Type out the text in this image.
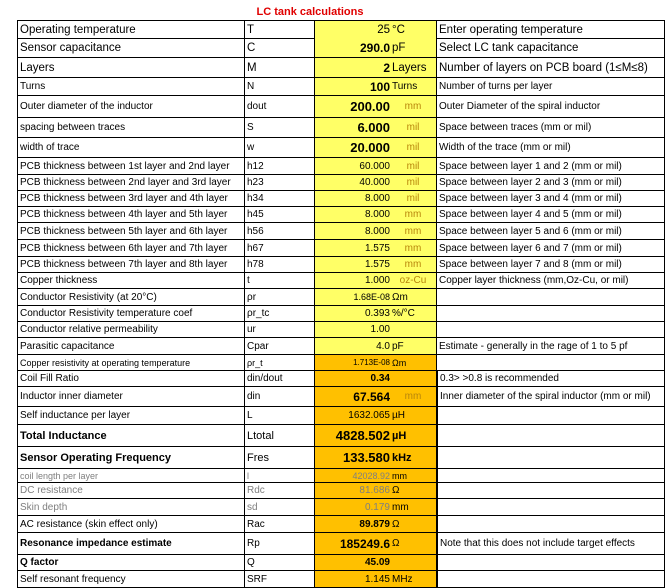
LC tank calculations
Operating temperature	T	25 °C	Enter operating temperature
Sensor capacitance	C	290.0 pF	Select LC tank capacitance
Layers	M	2 Layers	Number of layers on PCB board (1≤M≤8)
Turns	N	100 Turns	Number of turns per layer
Outer diameter of the inductor	dout	200.00	mm	Outer Diameter of the spiral inductor
spacing between traces	S	6.000	mil	Space between traces (mm or mil)
width of trace	w	20.000	mil	Width of the trace (mm or mil)
PCB thickness between 1st layer and 2nd layer	h12	60.000	mil	Space between layer 1 and 2 (mm or mil)
PCB thickness between 2nd layer and 3rd layer	h23	40.000	mil	Space between layer 2 and 3 (mm or mil)
PCB thickness between 3rd layer and 4th layer	h34	8.000	mil	Space between layer 3 and 4 (mm or mil)
PCB thickness between 4th layer and 5th layer	h45	8.000	mm	Space between layer 4 and 5 (mm or mil)
PCB thickness between 5th layer and 6th layer	h56	8.000	mm	Space between layer 5 and 6 (mm or mil)
PCB thickness between 6th layer and 7th layer	h67	1.575	mm	Space between layer 6 and 7 (mm or mil)
PCB thickness between 7th layer and 8th layer	h78	1.575	mm	Space between layer 7 and 8 (mm or mil)
Copper thickness	t	1.000 oz-Cu	Copper layer thickness (mm,Oz-Cu, or mil)
Conductor Resistivity (at 20°C)	ρr	1.68E-08 Ωm
Conductor Resistivity temperature coef	ρr_tc	0.393 %/°C
Conductor relative permeability	ur	1.00
Parasitic capacitance	Cpar	4.0 pF	Estimate - generally in the rage of 1 to 5 pf
Copper resistivity at operating temperature	ρr_t	1.713E-08 Ωm
Coil Fill Ratio	din/dout	0.34	0.3> >0.8 is recommended
Inductor inner diameter	din	67.564	mm	Inner diameter of the spiral inductor (mm or mil)
Self inductance per layer	L	1632.065 µH
Total Inductance	Ltotal	4828.502 µH
Sensor Operating Frequency	Fres	133.580 kHz
coil length per layer	l	42028.92 mm
DC resistance	Rdc	81.686 Ω
Skin depth	sd	0.179 mm
AC resistance (skin effect only)	Rac	89.879 Ω
Resonance impedance estimate	Rp	185249.6 Ω	Note that this does not include target effects
Q factor	Q	45.09
Self resonant frequency	SRF	1.145 MHz
